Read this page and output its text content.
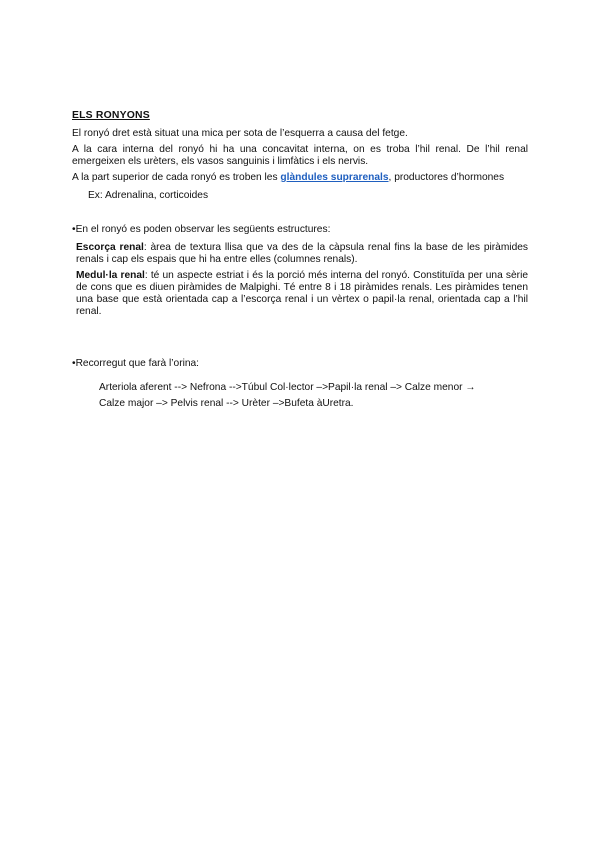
ELS RONYONS

El ronyó dret està situat una mica per sota de l’esquerra a causa del fetge.

A la cara interna del ronyó hi ha una concavitat interna, on es troba l’hil renal. De l’hil renal emergeixen els urèters, els vasos sanguinis i limfàtics i els nervis.

A la part superior de cada ronyó es troben les glàndules suprarenals, productores d’hormones

Ex: Adrenalina, corticoides

•En el ronyó es poden observar les següents estructures:

Escorça renal: àrea de textura llisa que va des de la càpsula renal fins la base de les piràmides renals i cap els espais que hi ha entre elles (columnes renals).

Medul·la renal: té un aspecte estriat i és la porció més interna del ronyó. Constituïda per una sèrie de cons que es diuen piràmides de Malpighi. Té entre 8 i 18 piràmides renals. Les piràmides tenen una base que està orientada cap a l’escorça renal i un vèrtex o papil·la renal, orientada cap a l’hil renal.

•Recorregut que farà l’orina:

Arteriola aferent --> Nefrona -->Túbul Col·lector –>Papil·la renal –> Calze menor →

Calze major –> Pelvis renal --> Urèter –>Bufeta àUretra.
